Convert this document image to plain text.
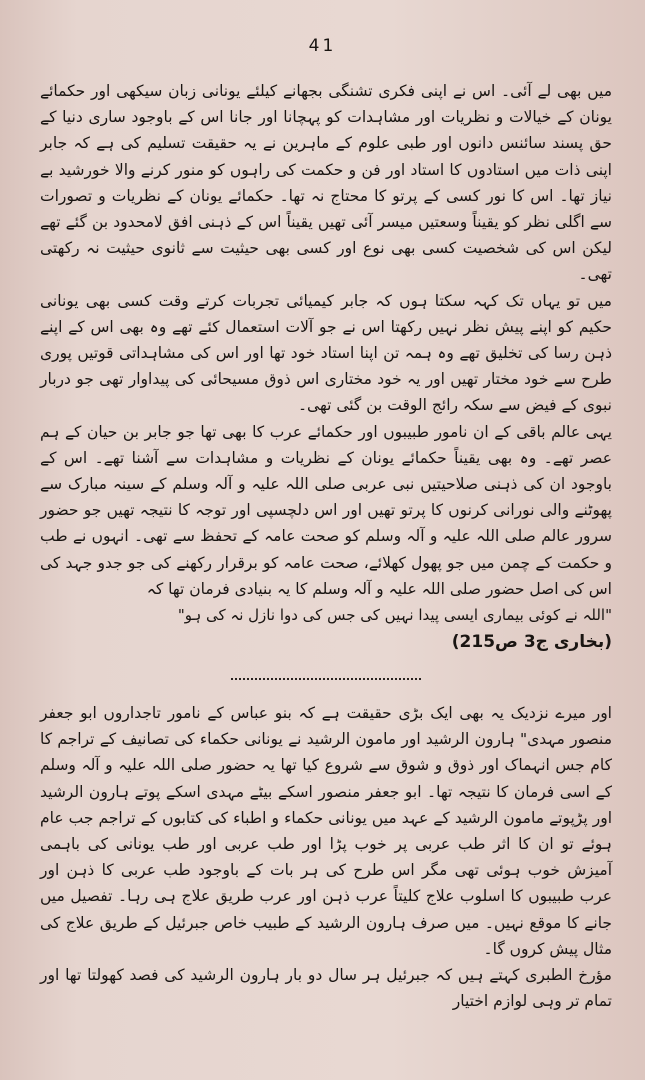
41

میں بھی لے آئی۔ اس نے اپنی فکری تشنگی بجھانے کیلئے یونانی زبان سیکھی اور حکمائے یونان کے خیالات و نظریات اور مشاہدات کو پہچانا اور جانا اس کے باوجود ساری دنیا کے حق پسند سائنس دانوں اور طبی علوم کے ماہرین نے یہ حقیقت تسلیم کی ہے کہ جابر اپنی ذات میں استادوں کا استاد اور فن و حکمت کی راہوں کو منور کرنے والا خورشید بے نیاز تھا۔ اس کا نور کسی کے پرتو کا محتاج نہ تھا۔ حکمائے یونان کے نظریات و تصورات سے اگلی نظر کو یقیناً وسعتیں میسر آئی تھیں یقیناً اس کے ذہنی افق لامحدود بن گئے تھے لیکن اس کی شخصیت کسی بھی نوع اور کسی بھی حیثیت سے ثانوی حیثیت نہ رکھتی تھی۔

میں تو یہاں تک کہہ سکتا ہوں کہ جابر کیمیائی تجربات کرتے وقت کسی بھی یونانی حکیم کو اپنے پیش نظر نہیں رکھتا اس نے جو آلات استعمال کئے تھے وہ بھی اس کے اپنے ذہن رسا کی تخلیق تھے وہ ہمہ تن اپنا استاد خود تھا اور اس کی مشاہداتی قوتیں پوری طرح سے خود مختار تھیں اور یہ خود مختاری اس ذوق مسیحائی کی پیداوار تھی جو دربار نبوی کے فیض سے سکہ رائج الوقت بن گئی تھی۔

یہی عالم باقی کے ان نامور طبیبوں اور حکمائے عرب کا بھی تھا جو جابر بن حیان کے ہم عصر تھے۔ وہ بھی یقیناً حکمائے یونان کے نظریات و مشاہدات سے آشنا تھے۔ اس کے باوجود ان کی ذہنی صلاحیتیں نبی عربی صلی اللہ علیہ و آلہ وسلم کے سینہ مبارک سے پھوٹنے والی نورانی کرنوں کا پرتو تھیں اور اس دلچسپی اور توجہ کا نتیجہ تھیں جو حضور سرور عالم صلی اللہ علیہ و آلہ وسلم کو صحت عامہ کے تحفظ سے تھی۔ انہوں نے طب و حکمت کے چمن میں جو پھول کھلائے، صحت عامہ کو برقرار رکھنے کی جو جدو جہد کی اس کی اصل حضور صلی اللہ علیہ و آلہ وسلم کا یہ بنیادی فرمان تھا کہ

"اللہ نے کوئی بیماری ایسی پیدا نہیں کی جس کی دوا نازل نہ کی ہو"

(بخاری ج3 ص215)

اور میرے نزدیک یہ بھی ایک بڑی حقیقت ہے کہ بنو عباس کے نامور تاجداروں ابو جعفر منصور مہدی" ہارون الرشید اور مامون الرشید نے یونانی حکماء کی تصانیف کے تراجم کا کام جس انہماک اور ذوق و شوق سے شروع کیا تھا یہ حضور صلی اللہ علیہ و آلہ وسلم کے اسی فرمان کا نتیجہ تھا۔ ابو جعفر منصور اسکے بیٹے مہدی اسکے پوتے ہارون الرشید اور پڑپوتے مامون الرشید کے عہد میں یونانی حکماء و اطباء کی کتابوں کے تراجم جب عام ہوئے تو ان کا اثر طب عربی پر خوب پڑا اور طب عربی اور طب یونانی کی باہمی آمیزش خوب ہوئی تھی مگر اس طرح کی ہر بات کے باوجود طب عربی کا ذہن اور عرب طبیبوں کا اسلوب علاج کلیتاً عرب ذہن اور عرب طریق علاج ہی رہا۔ تفصیل میں جانے کا موقع نہیں۔ میں صرف ہارون الرشید کے طبیب خاص جبرئیل کے طریق علاج کی مثال پیش کروں گا۔

مؤرخ الطبری کہتے ہیں کہ جبرئیل ہر سال دو بار ہارون الرشید کی فصد کھولتا تھا اور تمام تر وہی لوازم اختیار
